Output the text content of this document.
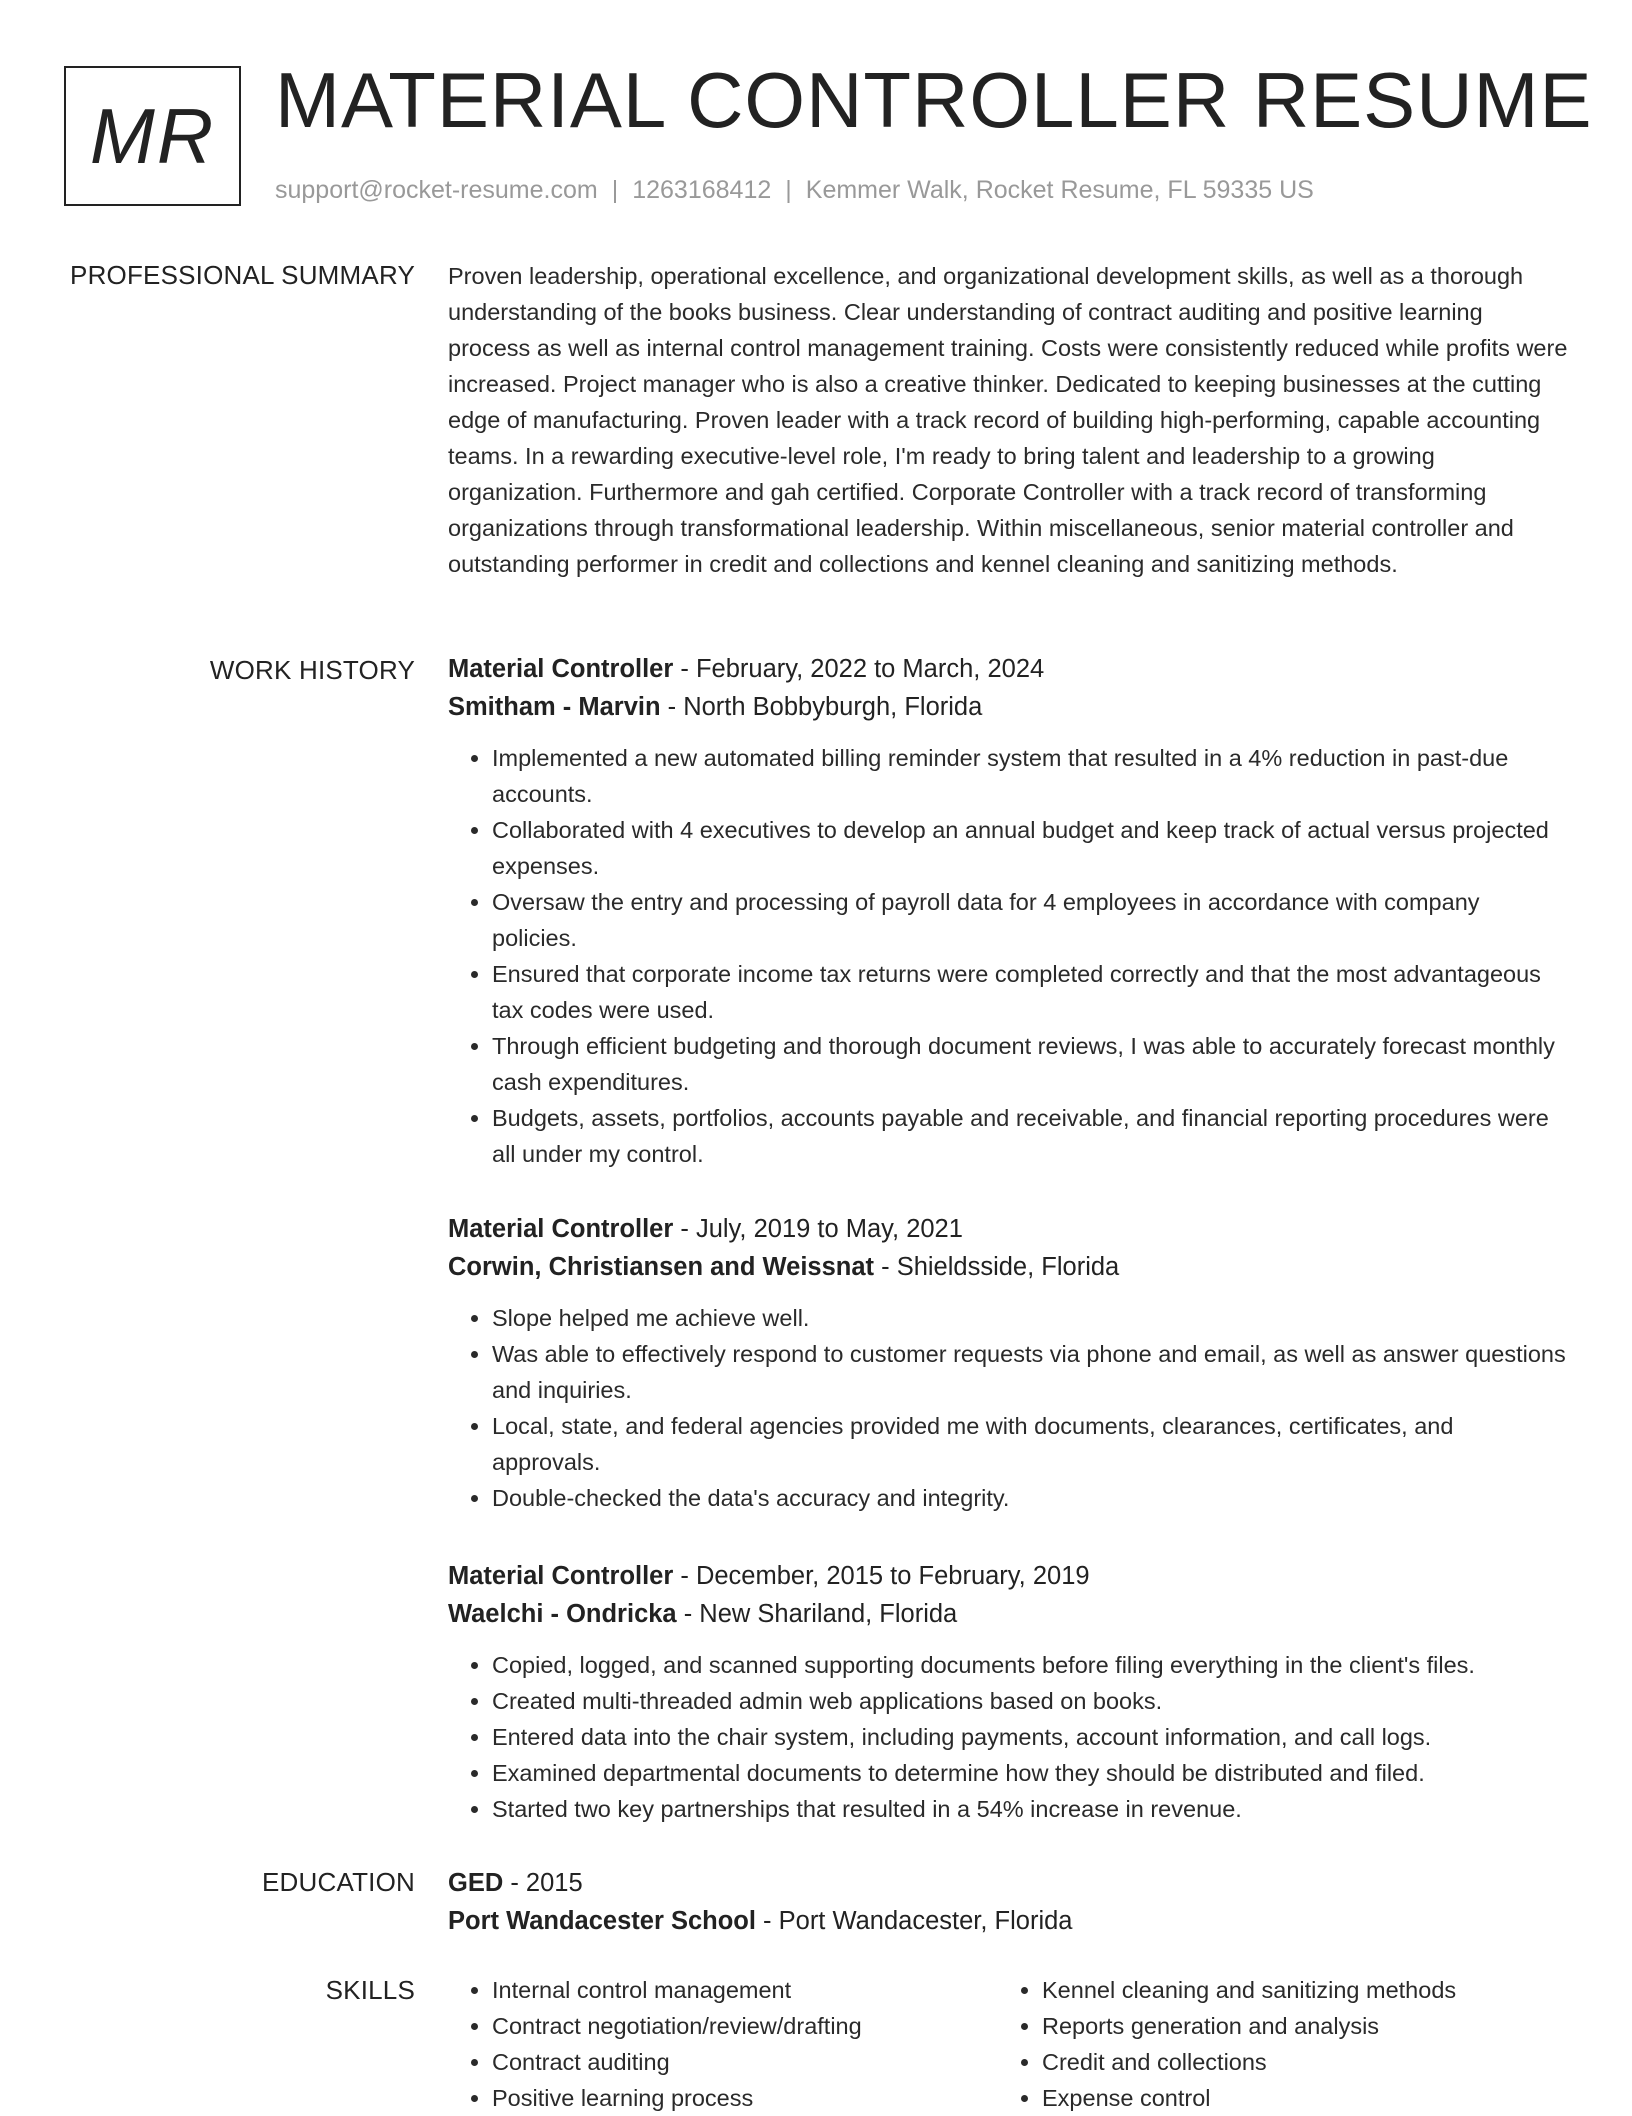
MR MATERIAL CONTROLLER RESUME
support@rocket-resume.com | 1263168412 | Kemmer Walk, Rocket Resume, FL 59335 US
PROFESSIONAL SUMMARY Proven leadership, operational excellence, and organizational development skills, as well as a thorough understanding of the books business. Clear understanding of contract auditing and positive learning process as well as internal control management training. Costs were consistently reduced while profits were increased. Project manager who is also a creative thinker. Dedicated to keeping businesses at the cutting edge of manufacturing. Proven leader with a track record of building high-performing, capable accounting teams. In a rewarding executive-level role, I'm ready to bring talent and leadership to a growing organization. Furthermore and gah certified. Corporate Controller with a track record of transforming organizations through transformational leadership. Within miscellaneous, senior material controller and outstanding performer in credit and collections and kennel cleaning and sanitizing methods.

WORK HISTORY Material Controller - February, 2022 to March, 2024
Smitham - Marvin - North Bobbyburgh, Florida
• Implemented a new automated billing reminder system that resulted in a 4% reduction in past-due accounts.
• Collaborated with 4 executives to develop an annual budget and keep track of actual versus projected expenses.
• Oversaw the entry and processing of payroll data for 4 employees in accordance with company policies.
• Ensured that corporate income tax returns were completed correctly and that the most advantageous tax codes were used.
• Through efficient budgeting and thorough document reviews, I was able to accurately forecast monthly cash expenditures.
• Budgets, assets, portfolios, accounts payable and receivable, and financial reporting procedures were all under my control.
Material Controller - July, 2019 to May, 2021
Corwin, Christiansen and Weissnat - Shieldsside, Florida
• Slope helped me achieve well.
• Was able to effectively respond to customer requests via phone and email, as well as answer questions and inquiries.
• Local, state, and federal agencies provided me with documents, clearances, certificates, and approvals.
• Double-checked the data's accuracy and integrity.
Material Controller - December, 2015 to February, 2019
Waelchi - Ondricka - New Shariland, Florida
• Copied, logged, and scanned supporting documents before filing everything in the client's files.
• Created multi-threaded admin web applications based on books.
• Entered data into the chair system, including payments, account information, and call logs.
• Examined departmental documents to determine how they should be distributed and filed.
• Started two key partnerships that resulted in a 54% increase in revenue.
EDUCATION GED - 2015
Port Wandacester School - Port Wandacester, Florida
SKILLS
•	Internal control management
• Contract negotiation/review/drafting
• Contract auditing
• Positive learning process
• Kennel cleaning and sanitizing methods
• Reports generation and analysis
• Credit and collections
• Expense control
